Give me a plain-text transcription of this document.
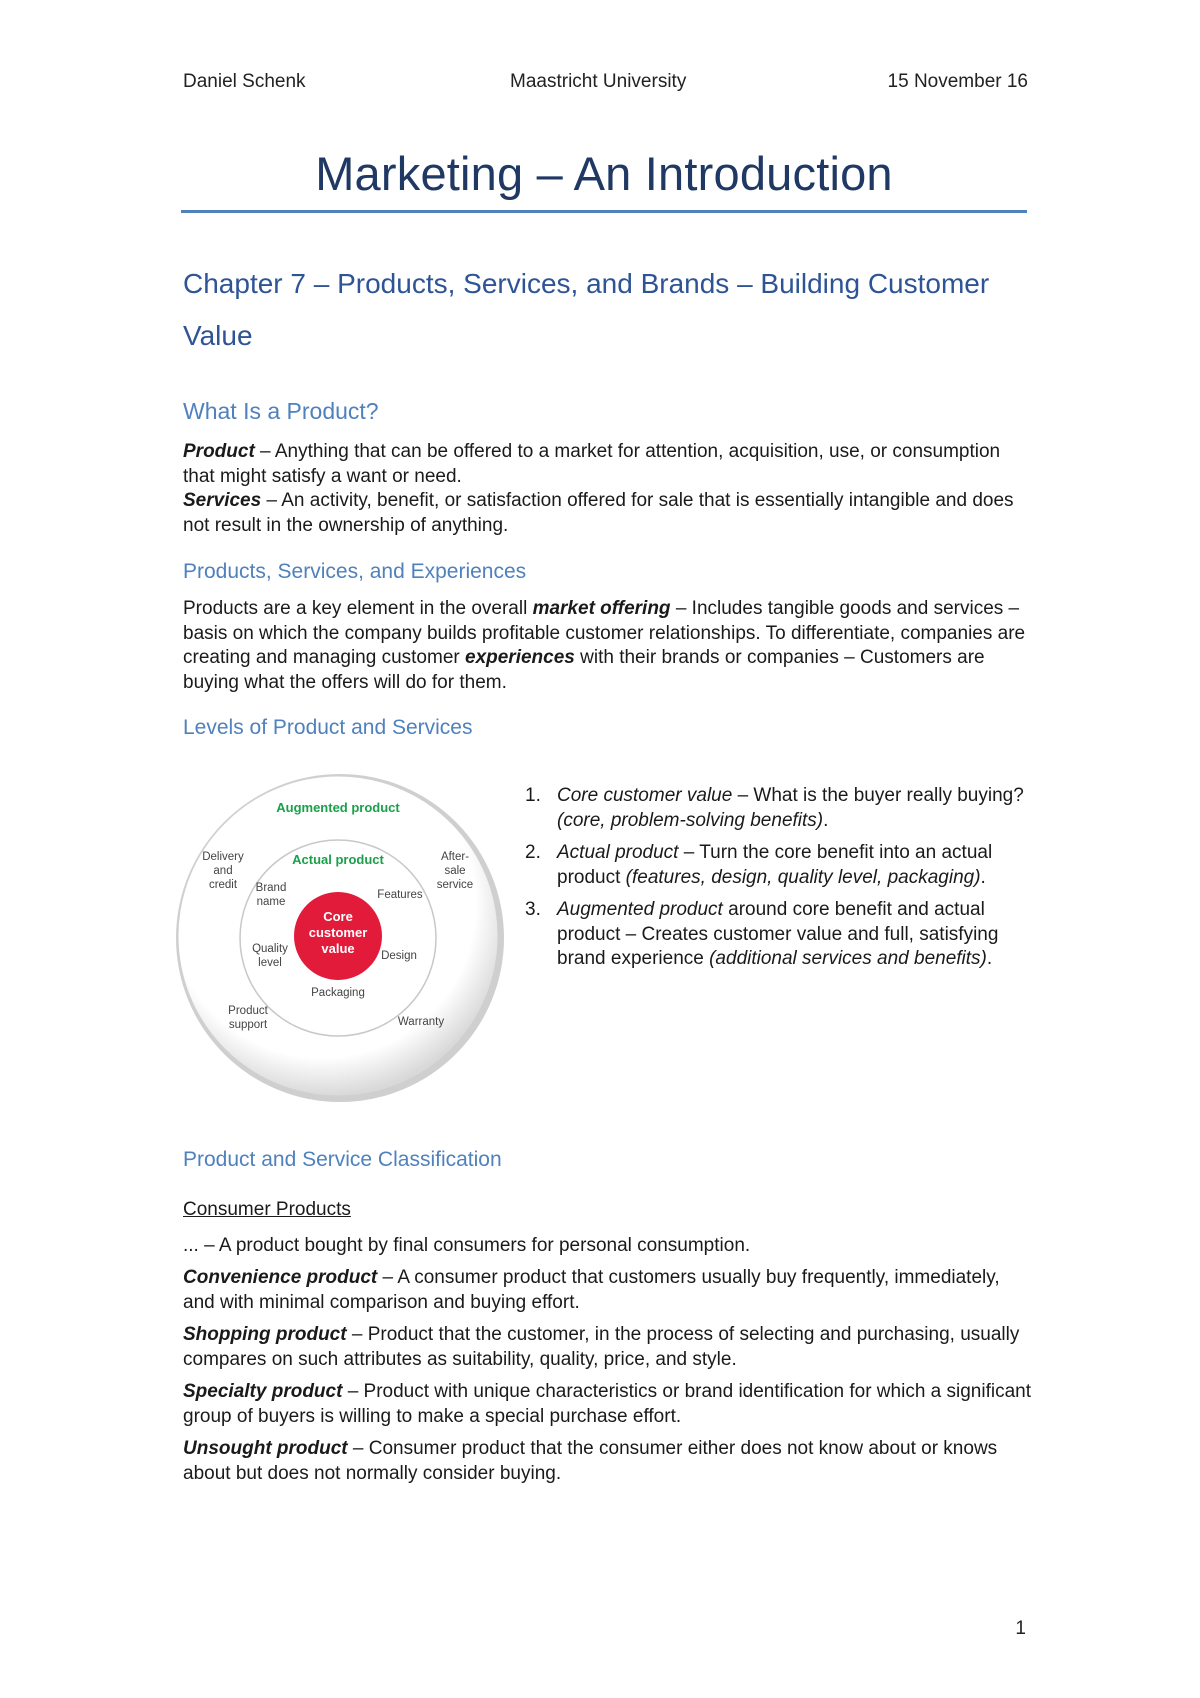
Daniel Schenk	Maastricht University	15 November 16
Marketing – An Introduction
Chapter 7 – Products, Services, and Brands – Building Customer Value
What Is a Product?
Product – Anything that can be offered to a market for attention, acquisition, use, or consumption that might satisfy a want or need.
Services – An activity, benefit, or satisfaction offered for sale that is essentially intangible and does not result in the ownership of anything.
Products, Services, and Experiences
Products are a key element in the overall market offering – Includes tangible goods and services – basis on which the company builds profitable customer relationships. To differentiate, companies are creating and managing customer experiences with their brands or companies – Customers are buying what the offers will do for them.
Levels of Product and Services
Augmented product
Actual product
Core
customer
value
Delivery
and
credit
After-
sale
service
Brand
name
Features
Quality
level
Design
Packaging
Product
support	Warranty
1. Core customer value – What is the buyer really buying? (core, problem-solving benefits).
2. Actual product – Turn the core benefit into an actual product (features, design, quality level, packaging).
3. Augmented product around core benefit and actual product – Creates customer value and full, satisfying brand experience (additional services and benefits).
Product and Service Classification
Consumer Products
... – A product bought by final consumers for personal consumption.
Convenience product – A consumer product that customers usually buy frequently, immediately, and with minimal comparison and buying effort.
Shopping product – Product that the customer, in the process of selecting and purchasing, usually compares on such attributes as suitability, quality, price, and style.
Specialty product – Product with unique characteristics or brand identification for which a significant group of buyers is willing to make a special purchase effort.
Unsought product – Consumer product that the consumer either does not know about or knows about but does not normally consider buying.
1
